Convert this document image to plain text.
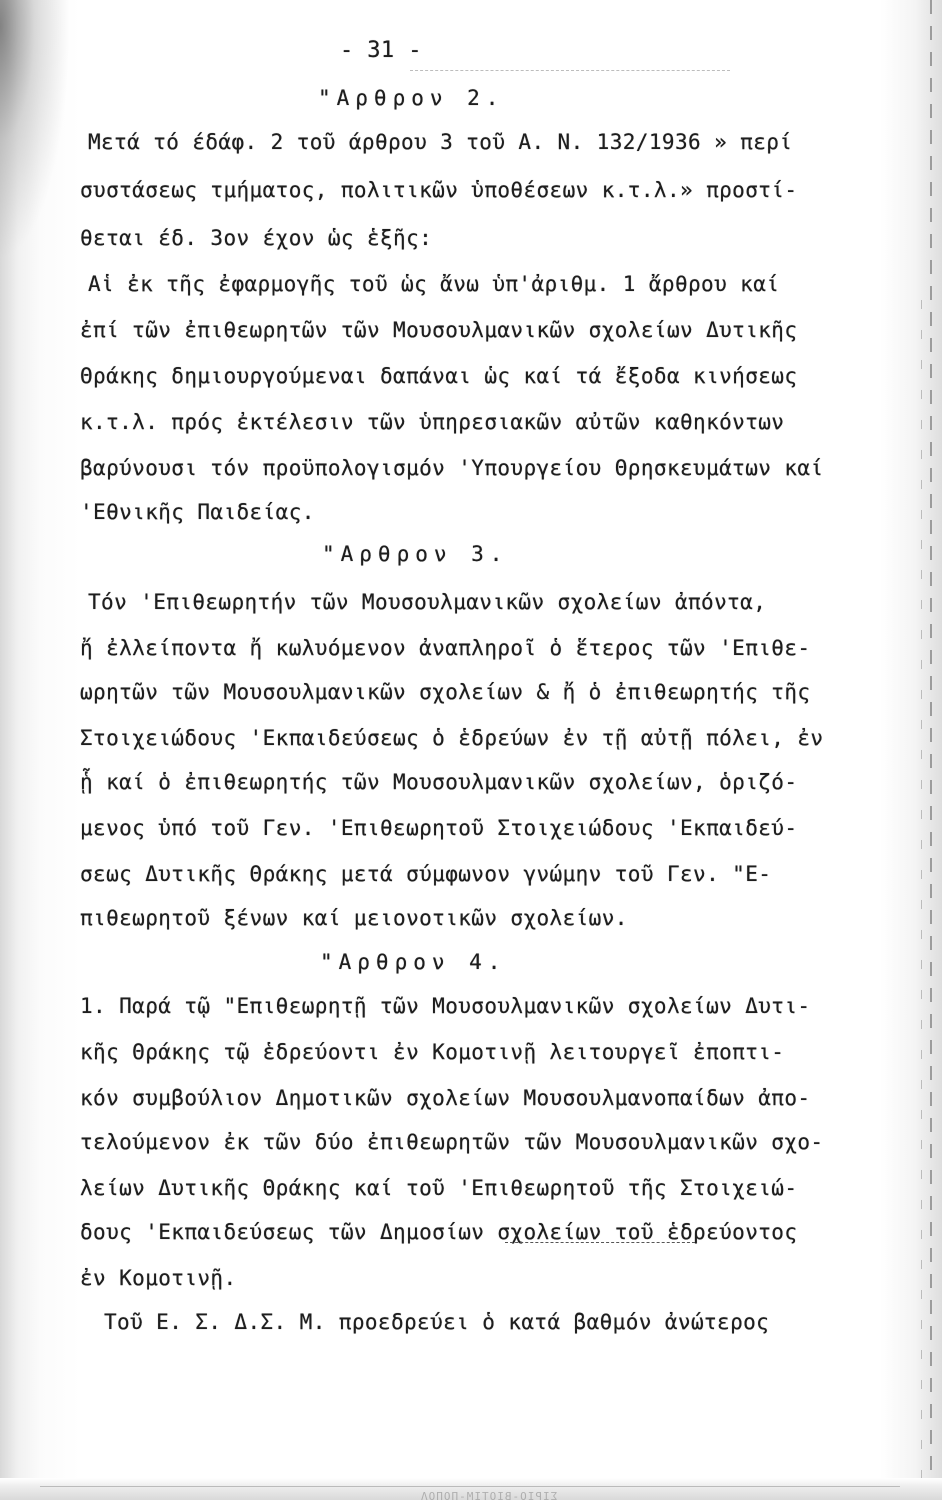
- 31 -
"Αρθρον 2.
Μετά τό έδάφ. 2 τοῦ άρθρου 3 τοῦ Α. Ν. 132/1936 » περί
συστάσεως τμήματος, πολιτικῶν ὑποθέσεων κ.τ.λ.» προστί-
θεται έδ. 3ον έχον ὡς ἑξῆς:
Αἱ ἐκ τῆς ἐφαρμογῆς τοῦ ὡς ἄνω ὑπ'ἀριθμ. 1 ἄρθρου καί
ἐπί τῶν ἐπιθεωρητῶν τῶν Μουσουλμανικῶν σχολείων Δυτικῆς
Θράκης δημιουργούμεναι δαπάναι ὡς καί τά ἔξοδα κινήσεως
κ.τ.λ. πρός ἐκτέλεσιν τῶν ὑπηρεσιακῶν αὐτῶν καθηκόντων
βαρύνουσι τόν προϋπολογισμόν 'Υπουργείου Θρησκευμάτων καί
'Εθνικῆς Παιδείας.
"Αρθρον 3.
Τόν 'Επιθεωρητήν τῶν Μουσουλμανικῶν σχολείων ἀπόντα,
ἤ ἐλλείποντα ἤ κωλυόμενον ἀναπληροῖ ὁ ἕτερος τῶν 'Επιθε-
ωρητῶν τῶν Μουσουλμανικῶν σχολείων & ἤ ὁ ἐπιθεωρητής τῆς
Στοιχειώδους 'Εκπαιδεύσεως ὁ ἑδρεύων ἐν τῇ αὐτῇ πόλει, ἐν
ᾗ καί ὁ ἐπιθεωρητής τῶν Μουσουλμανικῶν σχολείων, ὁριζό-
μενος ὑπό τοῦ Γεν. 'Επιθεωρητοῦ Στοιχειώδους 'Εκπαιδεύ-
σεως Δυτικῆς Θράκης μετά σύμφωνον γνώμην τοῦ Γεν. "Ε-
πιθεωρητοῦ ξένων καί μειονοτικῶν σχολείων.
"Αρθρον 4.
1. Παρά τῷ "Επιθεωρητῇ τῶν Μουσουλμανικῶν σχολείων Δυτι-
κῆς Θράκης τῷ ἑδρεύοντι ἐν Κομοτινῇ λειτουργεῖ ἐποπτι-
κόν συμβούλιον Δημοτικῶν σχολείων Μουσουλμανοπαίδων ἀπο-
τελούμενον ἐκ τῶν δύο ἐπιθεωρητῶν τῶν Μουσουλμανικῶν σχο-
λείων Δυτικῆς Θράκης καί τοῦ 'Επιθεωρητοῦ τῆς Στοιχειώ-
δους 'Εκπαιδεύσεως τῶν Δημοσίων σχολείων τοῦ ἑδρεύοντος
ἐν Κομοτινῇ.
Τοῦ Ε. Σ. Δ.Σ. Μ. προεδρεύει ὁ κατά βαθμόν ἀνώτερος
ΣΙΡΙΟ-ΒΙΟΤΙΜ-ΠΟΠΟΛ
